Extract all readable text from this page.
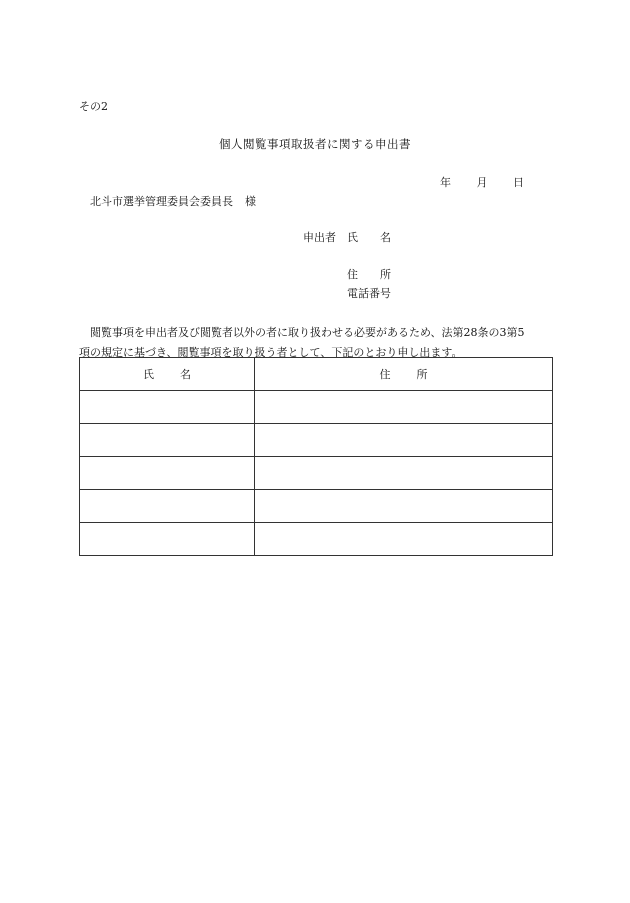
その2
個人閲覧事項取扱者に関する申出書
年 月 日
北斗市選挙管理委員会委員長 様
申出者 氏 名
住 所
電話番号
閲覧事項を申出者及び閲覧者以外の者に取り扱わせる必要があるため、法第28条の3第5
項の規定に基づき、閲覧事項を取り扱う者として、下記のとおり申し出ます。
氏 名	住 所
